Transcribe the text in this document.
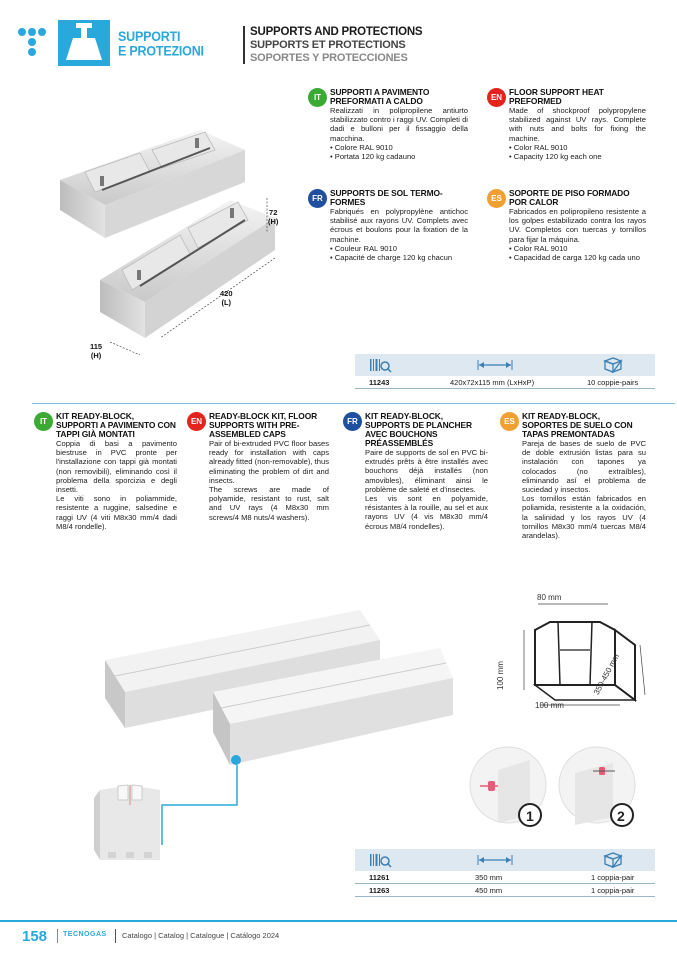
SUPPORTI
E PROTEZIONI
SUPPORTS AND PROTECTIONS
SUPPORTS ET PROTECTIONS
SOPORTES Y PROTECCIONES
72
(H)
420
(L)
115
(H)
IT
SUPPORTI A PAVIMENTO PREFORMATI A CALDO

Realizzati in polipropilene antiurto stabilizzato contro i raggi UV. Completi di dadi e bulloni per il fissaggio della macchina.

• Colore RAL 9010

• Portata 120 kg cadauno

EN
FLOOR SUPPORT HEAT PREFORMED

Made of shockproof polypropylene stabilized against UV rays. Complete with nuts and bolts for fixing the machine.

• Color RAL 9010

• Capacity 120 kg each one

FR
SUPPORTS DE SOL TERMO-FORMES

Fabriqués en polypropylène antichoc stabilisé aux rayons UV. Complets avec écrous et boulons pour la fixation de la machine.

• Couleur RAL 9010

• Capacité de charge 120 kg chacun

ES
SOPORTE DE PISO FORMADO POR CALOR

Fabricados en polipropileno resistente a los golpes estabilizado contra los rayos UV. Completos con tuercas y tornillos para fijar la máquina.

• Color RAL 9010

• Capacidad de carga 120 kg cada uno

11243	420x72x115 mm (LxHxP)	10 coppie-pairs
IT
KIT READY-BLOCK, SUPPORTI A PAVIMENTO CON TAPPI GIÀ MONTATI

Coppia di basi a pavimento biestruse in PVC pronte per l'installazione con tappi già montati (non removibili), eliminando così il problema della sporcizia e degli insetti.

Le viti sono in poliammide, resistente a ruggine, salsedine e raggi UV (4 viti M8x30 mm/4 dadi M8/4 rondelle).

EN
READY-BLOCK KIT, FLOOR SUPPORTS WITH PRE-ASSEMBLED CAPS

Pair of bi-extruded PVC floor bases ready for installation with caps already fitted (non-removable), thus eliminating the problem of dirt and insects.

The screws are made of polyamide, resistant to rust, salt and UV rays (4 M8x30 mm screws/4 M8 nuts/4 washers).

FR
KIT READY-BLOCK, SUPPORTS DE PLANCHER AVEC BOUCHONS PRÉASSEMBLÉS

Paire de supports de sol en PVC bi-extrudés prêts à être installés avec bouchons déjà installés (non amovibles), éliminant ainsi le problème de saleté et d'insectes.

Les vis sont en polyamide, résistantes à la rouille, au sel et aux rayons UV (4 vis M8x30 mm/4 écrous M8/4 rondelles).

ES
KIT READY-BLOCK, SOPORTES DE SUELO CON TAPAS PREMONTADAS

Pareja de bases de suelo de PVC de doble extrusión listas para su instalación con tapones ya colocados (no extraíbles), eliminando así el problema de suciedad y insectos.

Los tornillos están fabricados en poliamida, resistente a la oxidación, la salinidad y los rayos UV (4 tornillos M8x30 mm/4 tuercas M8/4 arandelas).

80 mm
100 mm
100 mm
350-450 mm
1	2
11261	350 mm	1 coppia-pair
11263	450 mm	1 coppia-pair
158 TECNOGAS Catalogo | Catalog | Catalogue | Catálogo 2024
